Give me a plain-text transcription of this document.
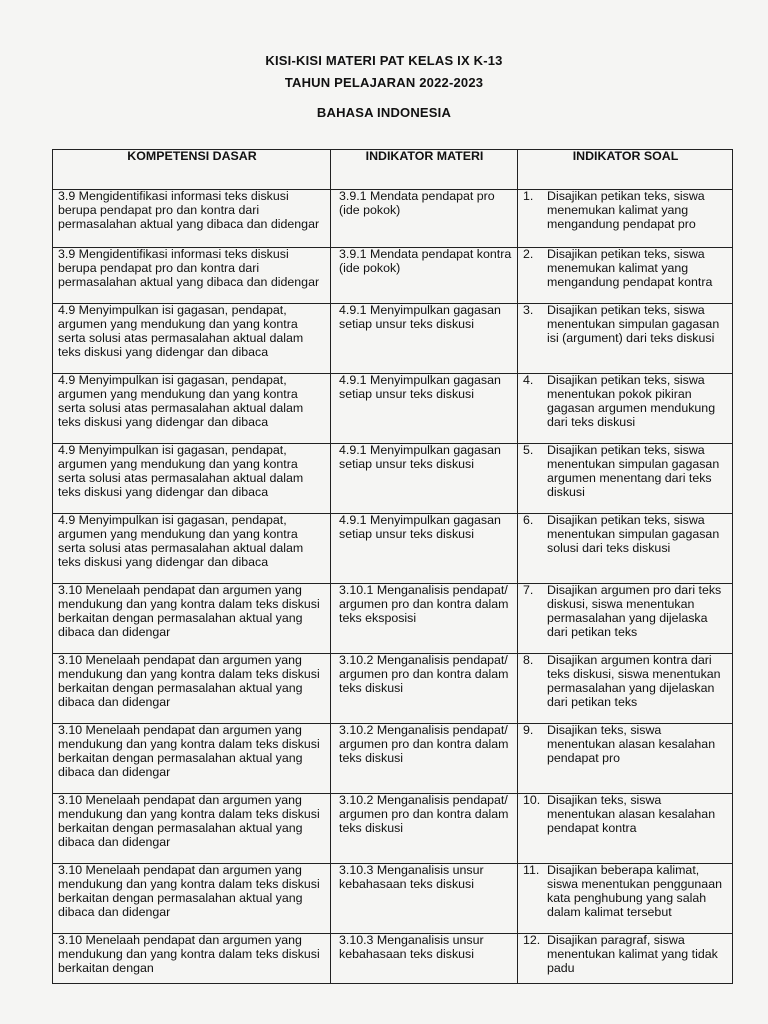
KISI-KISI MATERI PAT KELAS IX K-13
TAHUN PELAJARAN 2022-2023
BAHASA INDONESIA
KOMPETENSI DASAR	INDIKATOR MATERI	INDIKATOR SOAL

3.9 Mengidentifikasi informasi teks diskusi berupa pendapat pro dan kontra dari permasalahan aktual yang dibaca dan didengar	3.9.1 Mendata pendapat pro (ide pokok)	1. Disajikan petikan teks, siswa menemukan kalimat yang mengandung pendapat pro

3.9 Mengidentifikasi informasi teks diskusi berupa pendapat pro dan kontra dari permasalahan aktual yang dibaca dan didengar	3.9.1 Mendata pendapat kontra (ide pokok)	2. Disajikan petikan teks, siswa menemukan kalimat yang mengandung pendapat kontra

4.9 Menyimpulkan isi gagasan, pendapat, argumen yang mendukung dan yang kontra serta solusi atas permasalahan aktual dalam teks diskusi yang didengar dan dibaca	4.9.1 Menyimpulkan gagasan setiap unsur teks diskusi	3. Disajikan petikan teks, siswa menentukan simpulan gagasan isi (argument) dari teks diskusi

4.9 Menyimpulkan isi gagasan, pendapat, argumen yang mendukung dan yang kontra serta solusi atas permasalahan aktual dalam teks diskusi yang didengar dan dibaca	4.9.1 Menyimpulkan gagasan setiap unsur teks diskusi	4. Disajikan petikan teks, siswa menentukan pokok pikiran gagasan argumen mendukung dari teks diskusi

4.9 Menyimpulkan isi gagasan, pendapat, argumen yang mendukung dan yang kontra serta solusi atas permasalahan aktual dalam teks diskusi yang didengar dan dibaca	4.9.1 Menyimpulkan gagasan setiap unsur teks diskusi	5. Disajikan petikan teks, siswa menentukan simpulan gagasan argumen menentang dari teks diskusi

4.9 Menyimpulkan isi gagasan, pendapat, argumen yang mendukung dan yang kontra serta solusi atas permasalahan aktual dalam teks diskusi yang didengar dan dibaca	4.9.1 Menyimpulkan gagasan setiap unsur teks diskusi	6. Disajikan petikan teks, siswa menentukan simpulan gagasan solusi dari teks diskusi

3.10 Menelaah pendapat dan argumen yang mendukung dan yang kontra dalam teks diskusi berkaitan dengan permasalahan aktual yang dibaca dan didengar	3.10.1 Menganalisis pendapat/ argumen pro dan kontra dalam teks eksposisi	7. Disajikan argumen pro dari teks diskusi, siswa menentukan permasalahan yang dijelaska dari petikan teks

3.10 Menelaah pendapat dan argumen yang mendukung dan yang kontra dalam teks diskusi berkaitan dengan permasalahan aktual yang dibaca dan didengar	3.10.2 Menganalisis pendapat/ argumen pro dan kontra dalam teks diskusi	8. Disajikan argumen kontra dari teks diskusi, siswa menentukan permasalahan yang dijelaskan dari petikan teks

3.10 Menelaah pendapat dan argumen yang mendukung dan yang kontra dalam teks diskusi berkaitan dengan permasalahan aktual yang dibaca dan didengar	3.10.2 Menganalisis pendapat/ argumen pro dan kontra dalam teks diskusi	9. Disajikan teks, siswa menentukan alasan kesalahan pendapat pro

3.10 Menelaah pendapat dan argumen yang mendukung dan yang kontra dalam teks diskusi berkaitan dengan permasalahan aktual yang dibaca dan didengar	3.10.2 Menganalisis pendapat/ argumen pro dan kontra dalam teks diskusi	10. Disajikan teks, siswa menentukan alasan kesalahan pendapat kontra

3.10 Menelaah pendapat dan argumen yang mendukung dan yang kontra dalam teks diskusi berkaitan dengan permasalahan aktual yang dibaca dan didengar	3.10.3 Menganalisis unsur kebahasaan teks diskusi	11. Disajikan beberapa kalimat, siswa menentukan penggunaan kata penghubung yang salah dalam kalimat tersebut

3.10 Menelaah pendapat dan argumen yang mendukung dan yang kontra dalam teks diskusi berkaitan dengan	3.10.3 Menganalisis unsur kebahasaan teks diskusi	12. Disajikan paragraf, siswa menentukan kalimat yang tidak padu
